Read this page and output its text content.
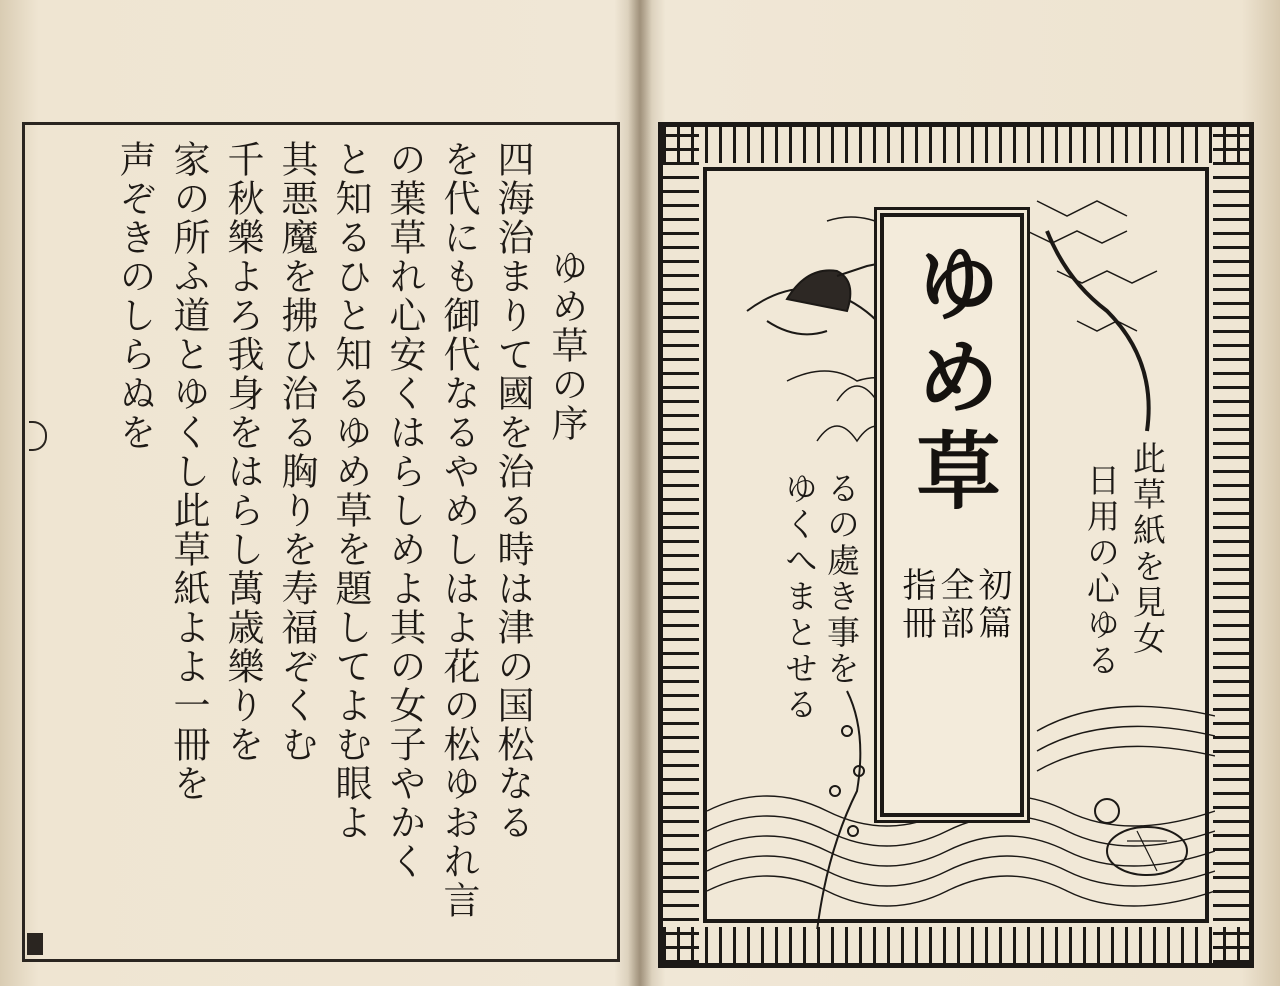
ゆめ草の序
四海治まりて國を治る時は津の国松なる
を代にも御代なるやめしはよ花の松ゆおれ言
の葉草れ心安くはらしめよ其の女子やかく
と知るひと知るゆめ草を題してよむ眼よ
其悪魔を拂ひ治る胸りを寿福ぞくむ
千秋樂よろ我身をはらし萬歳樂りを
家の所ふ道とゆくし此草紙よよ一冊を
声ぞきのしらぬを
此草紙を見女
日用の心ゆる
ゆめ草
初篇
全部
指冊
るの處き事を
ゆくへまとせる
